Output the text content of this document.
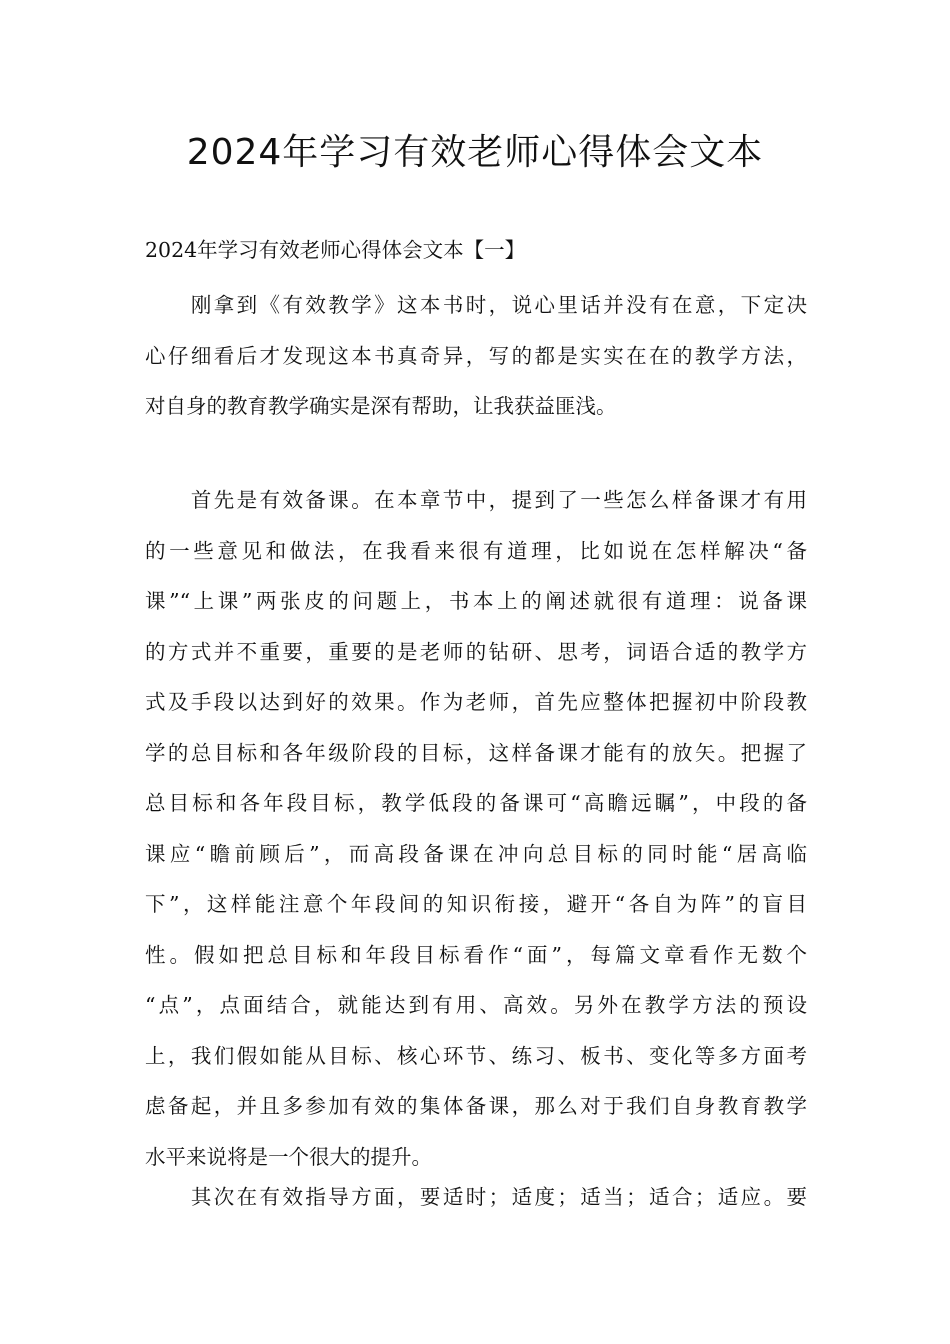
2024年学习有效老师心得体会文本

2024年学习有效老师心得体会文本【一】

　　刚拿到《有效教学》这本书时，说心里话并没有在意，下定决
心仔细看后才发现这本书真奇异，写的都是实实在在的教学方法，
对自身的教育教学确实是深有帮助，让我获益匪浅。
　　首先是有效备课。在本章节中，提到了一些怎么样备课才有用
的一些意见和做法，在我看来很有道理，比如说在怎样解决“备
课”“上课”两张皮的问题上，书本上的阐述就很有道理：说备课
的方式并不重要，重要的是老师的钻研、思考，词语合适的教学方
式及手段以达到好的效果。作为老师，首先应整体把握初中阶段教
学的总目标和各年级阶段的目标，这样备课才能有的放矢。把握了
总目标和各年段目标，教学低段的备课可“高瞻远瞩”，中段的备
课应“瞻前顾后”，而高段备课在冲向总目标的同时能“居高临
下”，这样能注意个年段间的知识衔接，避开“各自为阵”的盲目
性。假如把总目标和年段目标看作“面”，每篇文章看作无数个
“点”，点面结合，就能达到有用、高效。另外在教学方法的预设
上，我们假如能从目标、核心环节、练习、板书、变化等多方面考
虑备起，并且多参加有效的集体备课，那么对于我们自身教育教学
水平来说将是一个很大的提升。
　　其次在有效指导方面，要适时；适度；适当；适合；适应。要
